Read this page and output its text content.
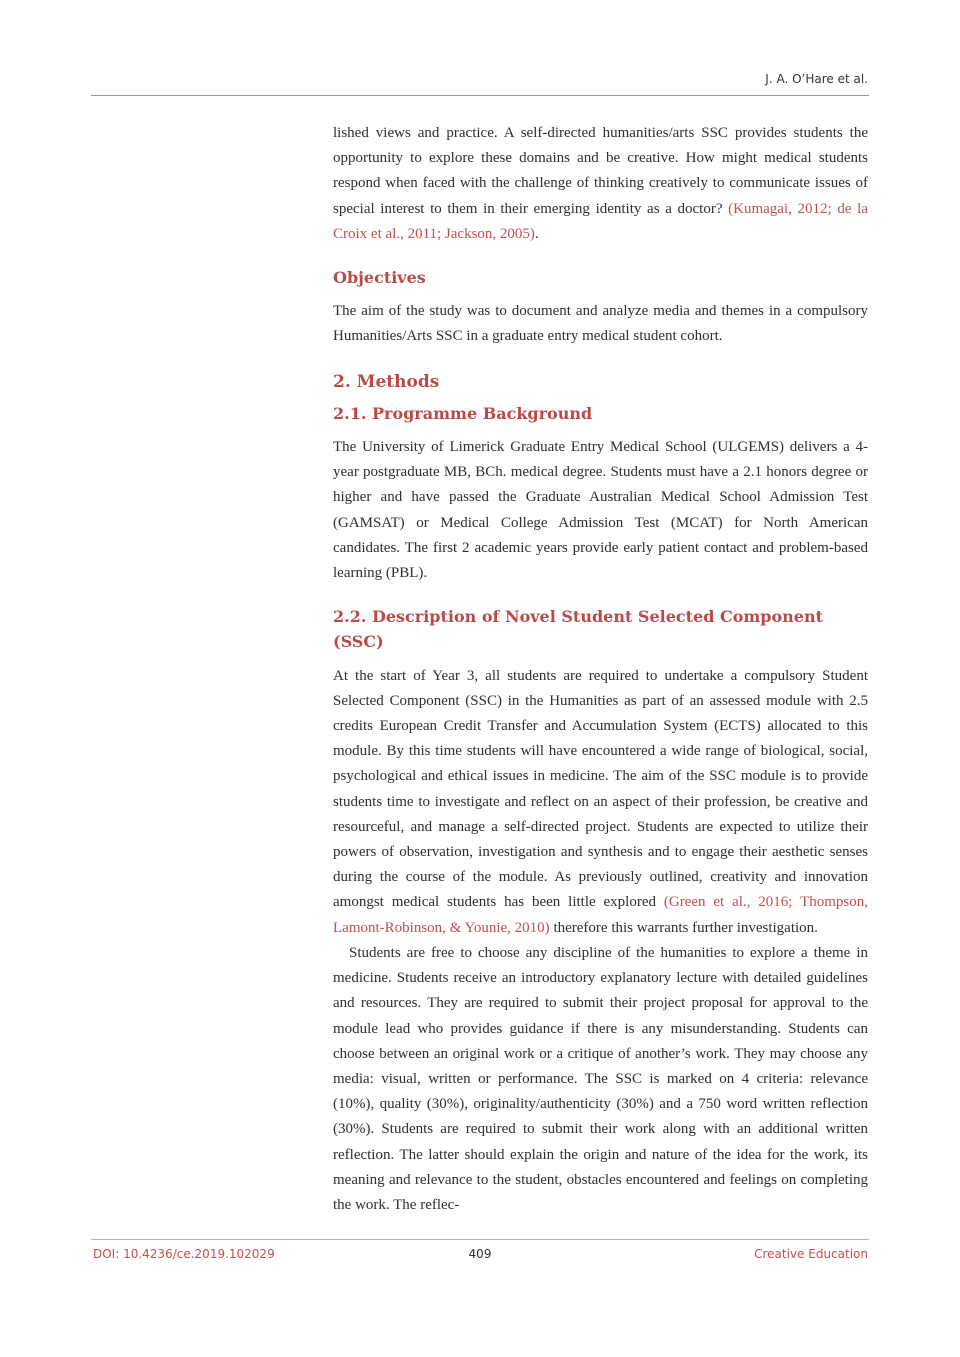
J. A. O’Hare et al.

lished views and practice. A self-directed humanities/arts SSC provides students the opportunity to explore these domains and be creative. How might medical students respond when faced with the challenge of thinking creatively to communicate issues of special interest to them in their emerging identity as a doctor? (Kumagai, 2012; de la Croix et al., 2011; Jackson, 2005).

Objectives

The aim of the study was to document and analyze media and themes in a compulsory Humanities/Arts SSC in a graduate entry medical student cohort.

2. Methods
2.1. Programme Background

The University of Limerick Graduate Entry Medical School (ULGEMS) delivers a 4-year postgraduate MB, BCh. medical degree. Students must have a 2.1 honors degree or higher and have passed the Graduate Australian Medical School Admission Test (GAMSAT) or Medical College Admission Test (MCAT) for North American candidates. The first 2 academic years provide early patient contact and problem-based learning (PBL).

2.2. Description of Novel Student Selected Component (SSC)

At the start of Year 3, all students are required to undertake a compulsory Student Selected Component (SSC) in the Humanities as part of an assessed module with 2.5 credits European Credit Transfer and Accumulation System (ECTS) allocated to this module. By this time students will have encountered a wide range of biological, social, psychological and ethical issues in medicine. The aim of the SSC module is to provide students time to investigate and reflect on an aspect of their profession, be creative and resourceful, and manage a self-directed project. Students are expected to utilize their powers of observation, investigation and synthesis and to engage their aesthetic senses during the course of the module. As previously outlined, creativity and innovation amongst medical students has been little explored (Green et al., 2016; Thompson, Lamont-Robinson, & Younie, 2010) therefore this warrants further investigation.

Students are free to choose any discipline of the humanities to explore a theme in medicine. Students receive an introductory explanatory lecture with detailed guidelines and resources. They are required to submit their project proposal for approval to the module lead who provides guidance if there is any misunderstanding. Students can choose between an original work or a critique of another’s work. They may choose any media: visual, written or performance. The SSC is marked on 4 criteria: relevance (10%), quality (30%), originality/authenticity (30%) and a 750 word written reflection (30%). Students are required to submit their work along with an additional written reflection. The latter should explain the origin and nature of the idea for the work, its meaning and relevance to the student, obstacles encountered and feelings on completing the work. The reflec-

DOI: 10.4236/ce.2019.102029	409	Creative Education
